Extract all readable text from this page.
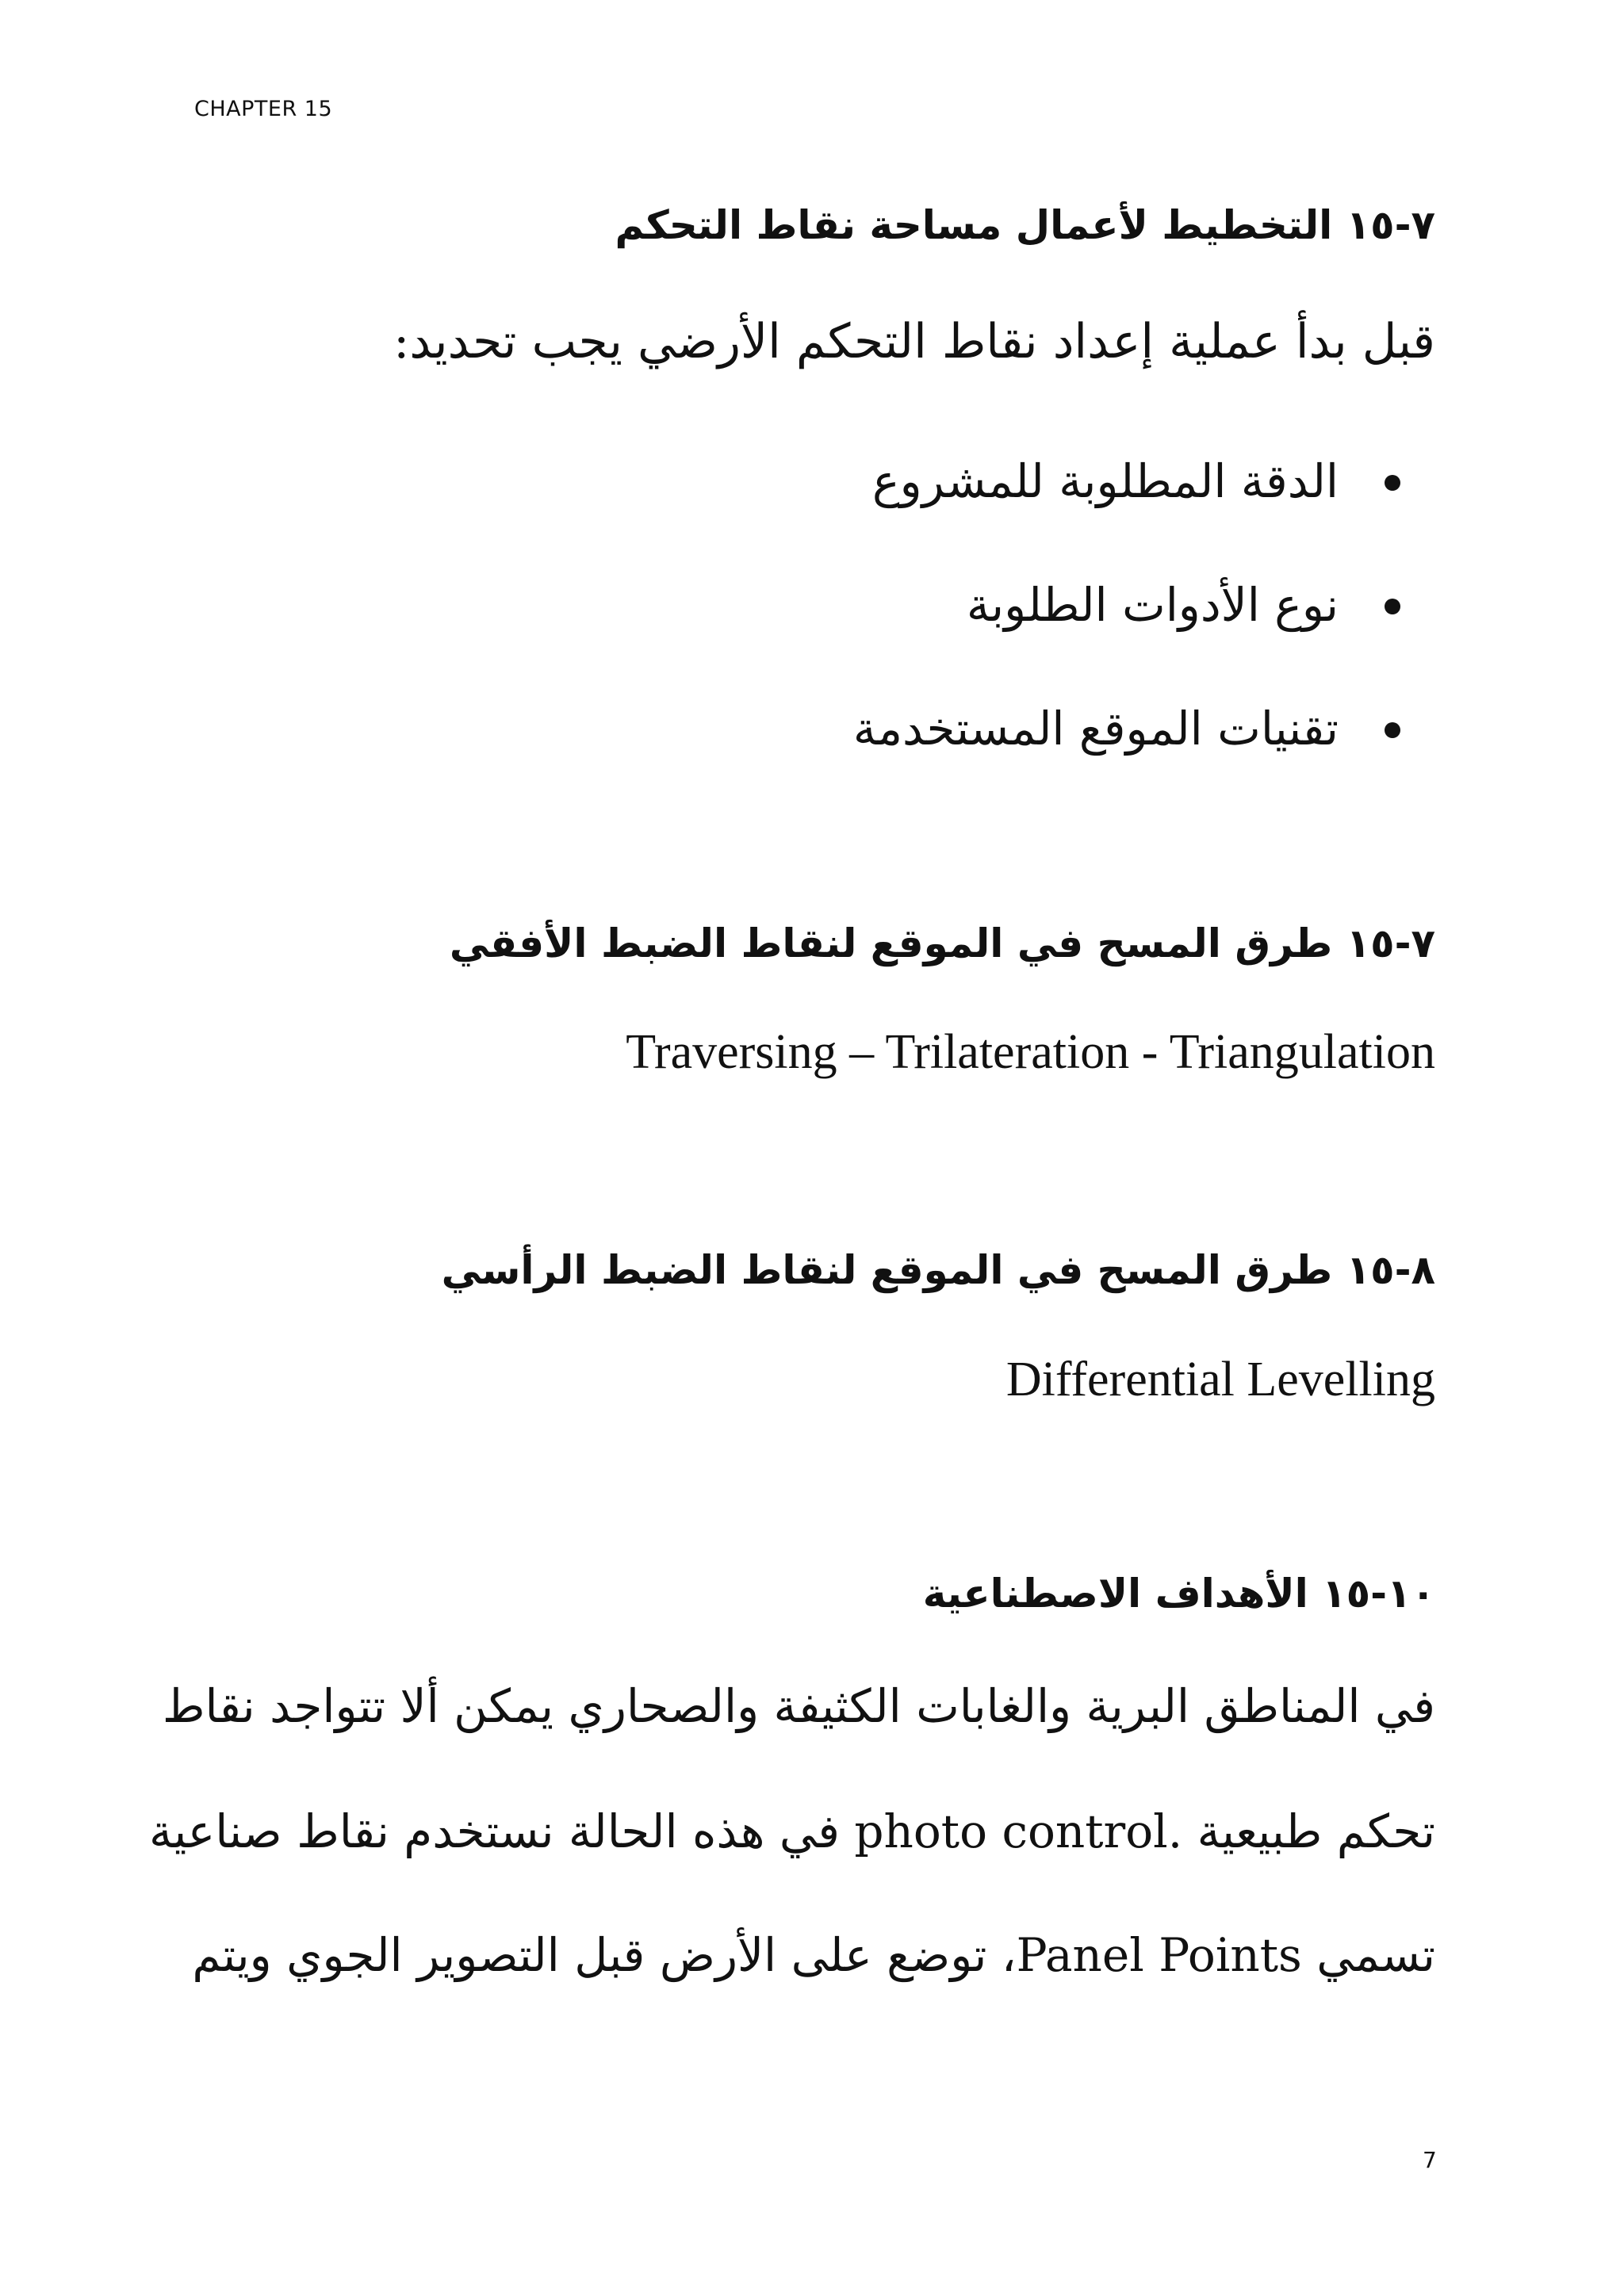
CHAPTER 15
٧-١٥ التخطيط لأعمال مساحة نقاط التحكم
قبل بدأ عملية إعداد نقاط التحكم الأرضي يجب تحديد:
الدقة المطلوبة للمشروع
نوع الأدوات الطلوبة
تقنيات الموقع المستخدمة
٧-١٥ طرق المسح في الموقع لنقاط الضبط الأفقي
Traversing – Trilateration - Triangulation
٨-١٥ طرق المسح في الموقع لنقاط الضبط الرأسي
Differential Levelling
١٠-١٥ الأهداف الاصطناعية
في المناطق البرية والغابات الكثيفة والصحاري يمكن ألا تتواجد نقاط
تحكم طبيعية .photo control في هذه الحالة نستخدم نقاط صناعية
تسمي Panel Points، توضع على الأرض قبل التصوير الجوي ويتم
7
